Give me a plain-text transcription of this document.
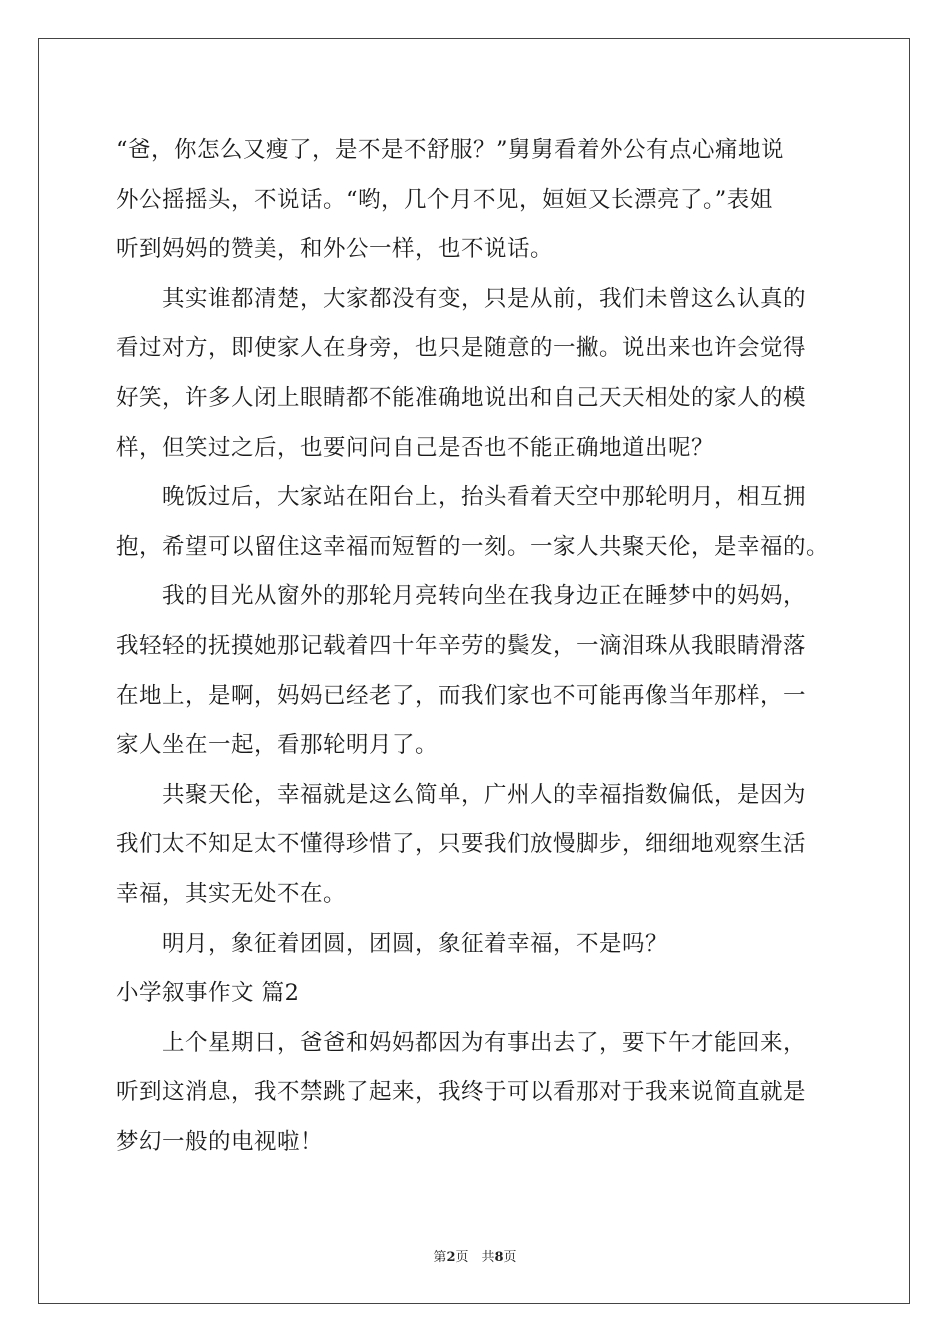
“爸，你怎么又瘦了，是不是不舒服？”舅舅看着外公有点心痛地说
外公摇摇头，不说话。“哟，几个月不见，姮姮又长漂亮了。”表姐
听到妈妈的赞美，和外公一样，也不说话。
　　其实谁都清楚，大家都没有变，只是从前，我们未曾这么认真的
看过对方，即使家人在身旁，也只是随意的一撇。说出来也许会觉得
好笑，许多人闭上眼睛都不能准确地说出和自己天天相处的家人的模
样，但笑过之后，也要问问自己是否也不能正确地道出呢？
　　晚饭过后，大家站在阳台上，抬头看着天空中那轮明月，相互拥
抱，希望可以留住这幸福而短暂的一刻。一家人共聚天伦，是幸福的。
　　我的目光从窗外的那轮月亮转向坐在我身边正在睡梦中的妈妈，
我轻轻的抚摸她那记载着四十年辛劳的鬓发，一滴泪珠从我眼睛滑落
在地上，是啊，妈妈已经老了，而我们家也不可能再像当年那样，一
家人坐在一起，看那轮明月了。
　　共聚天伦，幸福就是这么简单，广州人的幸福指数偏低，是因为
我们太不知足太不懂得珍惜了，只要我们放慢脚步，细细地观察生活
幸福，其实无处不在。
　　明月，象征着团圆，团圆，象征着幸福，不是吗？
小学叙事作文 篇2
　　上个星期日，爸爸和妈妈都因为有事出去了，要下午才能回来，
听到这消息，我不禁跳了起来，我终于可以看那对于我来说简直就是
梦幻一般的电视啦！
第2页　共8页
